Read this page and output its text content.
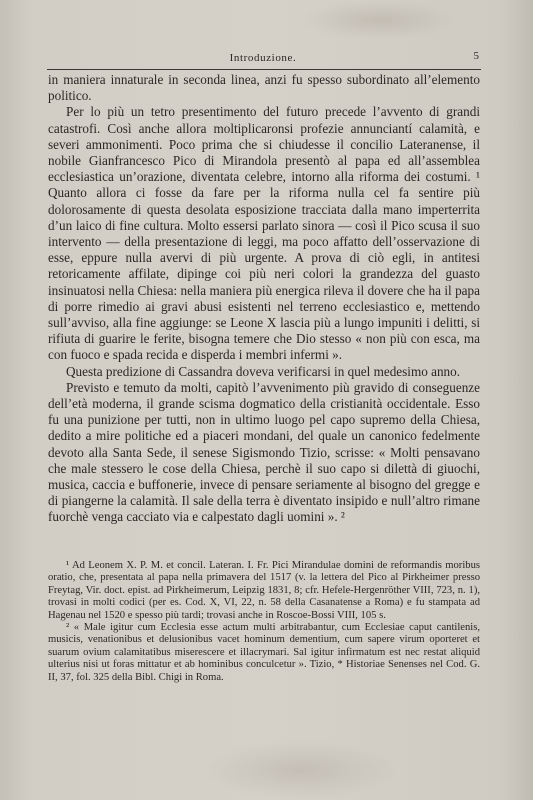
Introduzione.	5

in maniera innaturale in seconda linea, anzi fu spesso subordinato all’elemento politico.

Per lo più un tetro presentimento del futuro precede l’avvento di grandi catastrofi. Così anche allora moltiplicaronsi profezie annunciantí calamità, e severi ammonimenti. Poco prima che si chiudesse il concilio Lateranense, il nobile Gianfrancesco Pico di Mirandola presentò al papa ed all’assemblea ecclesiastica un’orazione, diventata celebre, intorno alla riforma dei costumi. ¹ Quanto allora ci fosse da fare per la riforma nulla cel fa sentire più dolorosamente di questa desolata esposizione tracciata dalla mano imperterrita d’un laico di fine cultura. Molto essersi parlato sinora — così il Pico scusa il suo intervento — della presentazione di leggi, ma poco affatto dell’osservazione di esse, eppure nulla avervi di più urgente. A prova di ciò egli, in antitesi retoricamente affilate, dipinge coi più neri colori la grandezza del guasto insinuatosi nella Chiesa: nella maniera più energica rileva il dovere che ha il papa di porre rimedio ai gravi abusi esistenti nel terreno ecclesiastico e, mettendo sull’avviso, alla fine aggiunge: se Leone X lascia più a lungo impuniti i delitti, si rifiuta di guarire le ferite, bisogna temere che Dio stesso « non più con esca, ma con fuoco e spada recida e disperda i membri infermi ».

Questa predizione di Cassandra doveva verificarsi in quel medesimo anno.

Previsto e temuto da molti, capitò l’avvenimento più gravido di conseguenze dell’età moderna, il grande scisma dogmatico della cristianità occidentale. Esso fu una punizione per tutti, non in ultimo luogo pel capo supremo della Chiesa, dedito a mire politiche ed a piaceri mondani, del quale un canonico fedelmente devoto alla Santa Sede, il senese Sigismondo Tizio, scrisse: « Molti pensavano che male stessero le cose della Chiesa, perchè il suo capo si dilettà di giuochi, musica, caccia e buffonerie, invece di pensare seriamente al bisogno del gregge e di piangerne la calamità. Il sale della terra è diventato insipido e null’altro rimane fuorchè venga cacciato via e calpestato dagli uomini ». ²

¹ Ad Leonem X. P. M. et concil. Lateran. I. Fr. Pici Mirandulae domini de reformandis moribus oratio, che, presentata al papa nella primavera del 1517 (v. la lettera del Pico al Pirkheimer presso Freytag, Vir. doct. epist. ad Pirkheimerum, Leipzig 1831, 8; cfr. Hefele-Hergenröther VIII, 723, n. 1), trovasi in molti codici (per es. Cod. X, VI, 22, n. 58 della Casanatense a Roma) e fu stampata ad Hagenau nel 1520 e spesso più tardi; trovasi anche in Roscoe-Bossi VIII, 105 s.

² « Male igitur cum Ecclesia esse actum multi arbitrabantur, cum Ecclesiae caput cantilenis, musicis, venationibus et delusionibus vacet hominum dementium, cum sapere virum oporteret et suarum ovium calamitatibus miserescere et illacrymari. Sal igitur infirmatum est nec restat aliquid ulterius nisi ut foras mittatur et ab hominibus conculcetur ». Tizio, * Historiae Senenses nel Cod. G. II, 37, fol. 325 della Bibl. Chigi in Roma.
